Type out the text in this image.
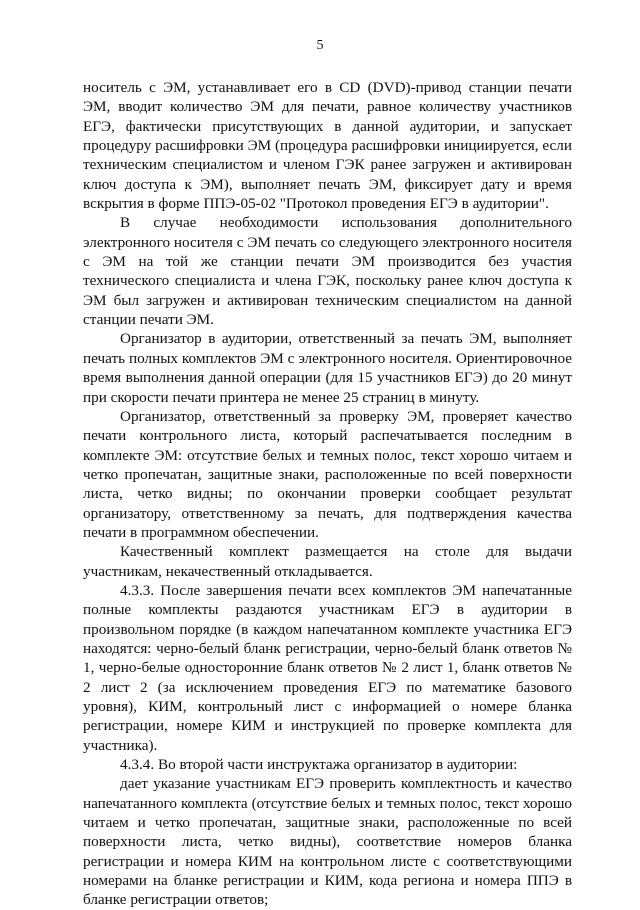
5

носитель с ЭМ, устанавливает его в CD (DVD)-привод станции печати ЭМ, вводит количество ЭМ для печати, равное количеству участников ЕГЭ, фактически присутствующих в данной аудитории, и запускает процедуру расшифровки ЭМ (процедура расшифровки инициируется, если техническим специалистом и членом ГЭК ранее загружен и активирован ключ доступа к ЭМ), выполняет печать ЭМ, фиксирует дату и время вскрытия в форме ППЭ-05-02 "Протокол проведения ЕГЭ в аудитории".

В случае необходимости использования дополнительного электронного носителя с ЭМ печать со следующего электронного носителя с ЭМ на той же станции печати ЭМ производится без участия технического специалиста и члена ГЭК, поскольку ранее ключ доступа к ЭМ был загружен и активирован техническим специалистом на данной станции печати ЭМ.

Организатор в аудитории, ответственный за печать ЭМ, выполняет печать полных комплектов ЭМ с электронного носителя. Ориентировочное время выполнения данной операции (для 15 участников ЕГЭ) до 20 минут при скорости печати принтера не менее 25 страниц в минуту.

Организатор, ответственный за проверку ЭМ, проверяет качество печати контрольного листа, который распечатывается последним в комплекте ЭМ: отсутствие белых и темных полос, текст хорошо читаем и четко пропечатан, защитные знаки, расположенные по всей поверхности листа, четко видны; по окончании проверки сообщает результат организатору, ответственному за печать, для подтверждения качества печати в программном обеспечении.

Качественный комплект размещается на столе для выдачи участникам, некачественный откладывается.

4.3.3. После завершения печати всех комплектов ЭМ напечатанные полные комплекты раздаются участникам ЕГЭ в аудитории в произвольном порядке (в каждом напечатанном комплекте участника ЕГЭ находятся: черно-белый бланк регистрации, черно-белый бланк ответов № 1, черно-белые односторонние бланк ответов № 2 лист 1, бланк ответов № 2 лист 2 (за исключением проведения ЕГЭ по математике базового уровня), КИМ, контрольный лист с информацией о номере бланка регистрации, номере КИМ и инструкцией по проверке комплекта для участника).

4.3.4. Во второй части инструктажа организатор в аудитории:

дает указание участникам ЕГЭ проверить комплектность и качество напечатанного комплекта (отсутствие белых и темных полос, текст хорошо читаем и четко пропечатан, защитные знаки, расположенные по всей поверхности листа, четко видны), соответствие номеров бланка регистрации и номера КИМ на контрольном листе с соответствующими номерами на бланке регистрации и КИМ, кода региона и номера ППЭ в бланке регистрации ответов;
